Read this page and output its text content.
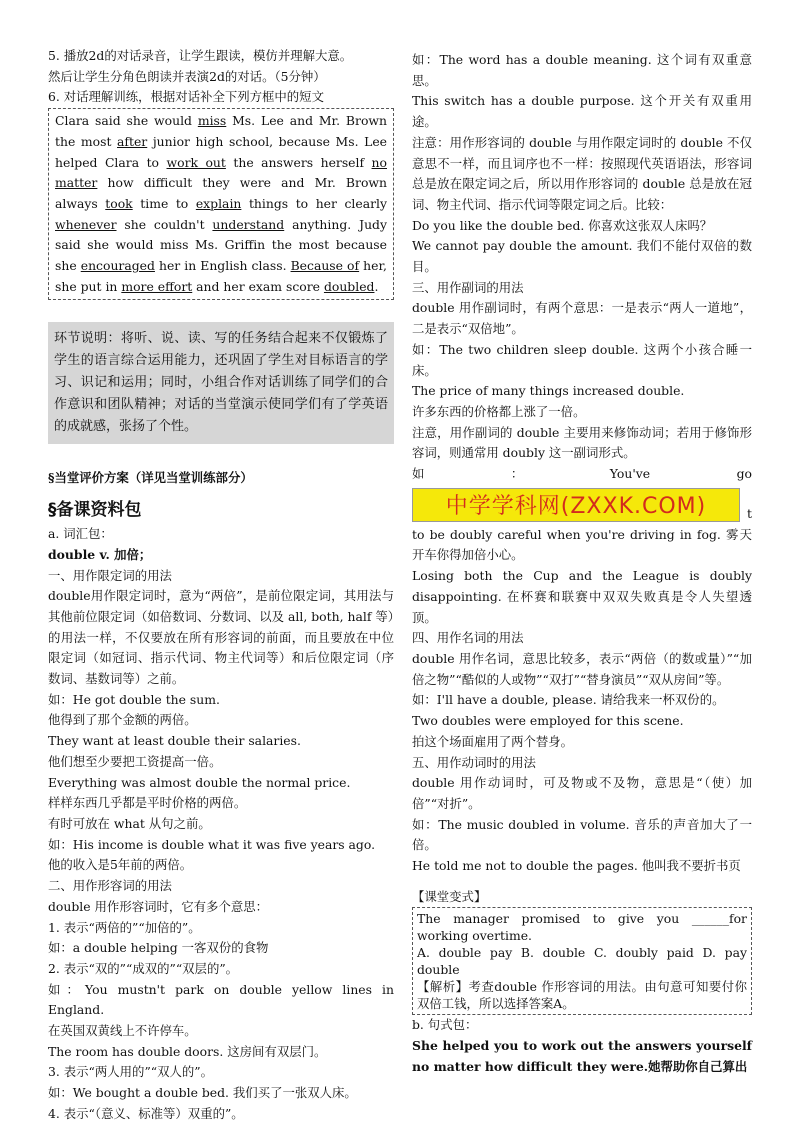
5. 播放2d的对话录音，让学生跟读，模仿并理解大意。

然后让学生分角色朗读并表演2d的对话。（5分钟）

6. 对话理解训练，根据对话补全下列方框中的短文

Clara said she would miss Ms. Lee and Mr. Brown the most after junior high school, because Ms. Lee helped Clara to work out the answers herself no matter how difficult they were and Mr. Brown always took time to explain things to her clearly whenever she couldn't understand anything. Judy said she would miss Ms. Griffin the most because she encouraged her in English class. Because of her, she put in more effort and her exam score doubled.

环节说明：将听、说、读、写的任务结合起来不仅锻炼了学生的语言综合运用能力，还巩固了学生对目标语言的学习、识记和运用；同时，小组合作对话训练了同学们的合作意识和团队精神；对话的当堂演示使同学们有了学英语的成就感，张扬了个性。

§当堂评价方案（详见当堂训练部分）

§备课资料包

a. 词汇包：

double v. 加倍；

一、用作限定词的用法

double用作限定词时，意为“两倍”，是前位限定词，其用法与其他前位限定词（如倍数词、分数词、以及 all, both, half 等）的用法一样，不仅要放在所有形容词的前面，而且要放在中位限定词（如冠词、指示代词、物主代词等）和后位限定词（序数词、基数词等）之前。

如：He got double the sum.

他得到了那个金额的两倍。

They want at least double their salaries.

他们想至少要把工资提高一倍。

Everything was almost double the normal price.

样样东西几乎都是平时价格的两倍。

有时可放在 what 从句之前。

如：His income is double what it was five years ago.

他的收入是5年前的两倍。

二、用作形容词的用法

double 用作形容词时，它有多个意思：

1. 表示“两倍的”“加倍的”。

如：a double helping 一客双份的食物

2. 表示“双的”“成双的”“双层的”。

如：You mustn't park on double yellow lines in England.

在英国双黄线上不许停车。

The room has double doors. 这房间有双层门。

3. 表示“两人用的”“双人的”。

如：We bought a double bed. 我们买了一张双人床。

4. 表示“（意义、标准等）双重的”。

如：The word has a double meaning. 这个词有双重意思。

This switch has a double purpose. 这个开关有双重用途。

注意：用作形容词的 double 与用作限定词时的 double 不仅意思不一样，而且词序也不一样：按照现代英语语法，形容词总是放在限定词之后，所以用作形容词的 double 总是放在冠词、物主代词、指示代词等限定词之后。比较：

Do you like the double bed. 你喜欢这张双人床吗？

We cannot pay double the amount. 我们不能付双倍的数目。

三、用作副词的用法

double 用作副词时，有两个意思：一是表示“两人一道地”，二是表示“双倍地”。

如：The two children sleep double. 这两个小孩合睡一床。

The price of many things increased double.

许多东西的价格都上涨了一倍。

注意，用作副词的 double 主要用来修饰动词；若用于修饰形容词，则通常用 doubly 这一副词形式。

如	：	You've	go

中学学科网(ZXXK.COM)	t

to be doubly careful when you're driving in fog. 雾天开车你得加倍小心。

Losing both the Cup and the League is doubly disappointing. 在杯赛和联赛中双双失败真是令人失望透顶。

四、用作名词的用法

double 用作名词，意思比较多，表示“两倍（的数或量）”“加倍之物”“酷似的人或物”“双打”“替身演员”“双从房间”等。

如：I'll have a double, please. 请给我来一杯双份的。

Two doubles were employed for this scene.

拍这个场面雇用了两个替身。

五、用作动词时的用法

double 用作动词时，可及物或不及物，意思是“（使）加倍”“对折”。

如：The music doubled in volume. 音乐的声音加大了一倍。

He told me not to double the pages. 他叫我不要折书页

【课堂变式】

The manager promised to give you ______for working overtime.

A. double pay B. double C. doubly paid D. pay double

【解析】考查double 作形容词的用法。由句意可知要付你双倍工钱，所以选择答案A。

b. 句式包：

She helped you to work out the answers yourself no matter how difficult they were.她帮助你自己算出
